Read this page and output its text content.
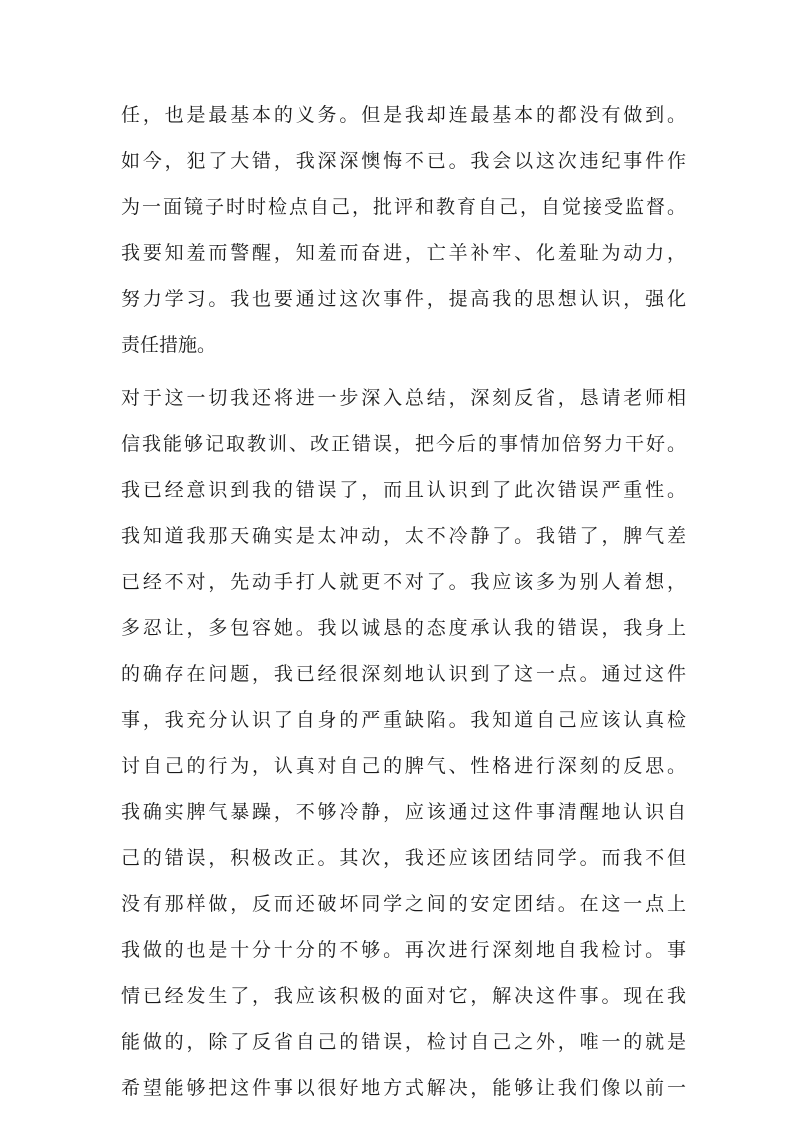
任，也是最基本的义务。但是我却连最基本的都没有做到。
如今，犯了大错，我深深懊悔不已。我会以这次违纪事件作
为一面镜子时时检点自己，批评和教育自己，自觉接受监督。
我要知羞而警醒，知羞而奋进，亡羊补牢、化羞耻为动力，
努力学习。我也要通过这次事件，提高我的思想认识，强化
责任措施。
对于这一切我还将进一步深入总结，深刻反省，恳请老师相
信我能够记取教训、改正错误，把今后的事情加倍努力干好。
我已经意识到我的错误了，而且认识到了此次错误严重性。
我知道我那天确实是太冲动，太不冷静了。我错了，脾气差
已经不对，先动手打人就更不对了。我应该多为别人着想，
多忍让，多包容她。我以诚恳的态度承认我的错误，我身上
的确存在问题，我已经很深刻地认识到了这一点。通过这件
事，我充分认识了自身的严重缺陷。我知道自己应该认真检
讨自己的行为，认真对自己的脾气、性格进行深刻的反思。
我确实脾气暴躁，不够冷静，应该通过这件事清醒地认识自
己的错误，积极改正。其次，我还应该团结同学。而我不但
没有那样做，反而还破坏同学之间的安定团结。在这一点上
我做的也是十分十分的不够。再次进行深刻地自我检讨。事
情已经发生了，我应该积极的面对它，解决这件事。现在我
能做的，除了反省自己的错误，检讨自己之外，唯一的就是
希望能够把这件事以很好地方式解决，能够让我们像以前一
